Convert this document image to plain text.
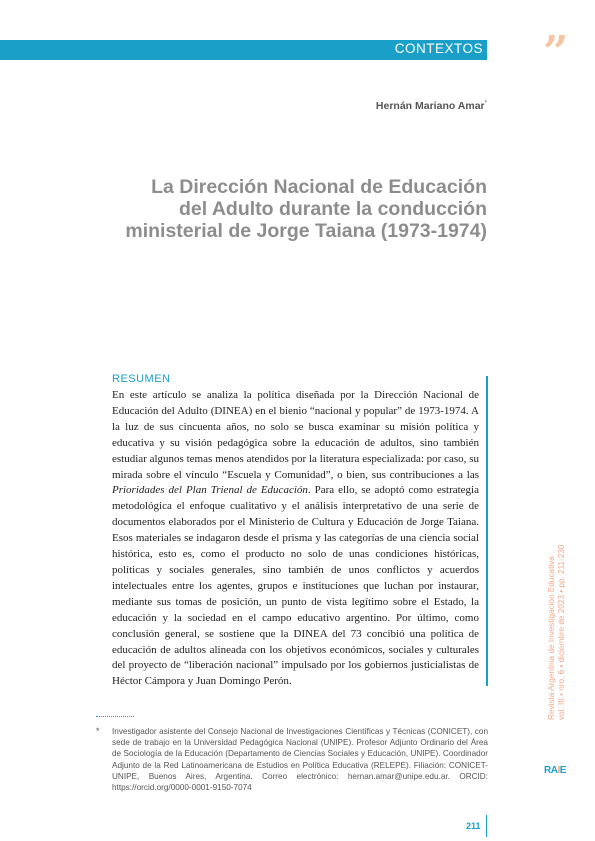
CONTEXTOS ”
Hernán Mariano Amar*
La Dirección Nacional de Educación
del Adulto durante la conducción
ministerial de Jorge Taiana (1973-1974)
RESUMEN

En este artículo se analiza la política diseñada por la Dirección Nacional de Educación del Adulto (DINEA) en el bienio “nacional y popular” de 1973-1974. A la luz de sus cincuenta años, no solo se busca examinar su misión política y educativa y su visión pedagógica sobre la educación de adultos, sino también estudiar algunos temas menos atendidos por la literatura especializada: por caso, su mirada sobre el vínculo “Escuela y Comunidad”, o bien, sus contribuciones a las Prioridades del Plan Trienal de Educación. Para ello, se adoptó como estrategia metodológica el enfoque cualitativo y el análisis interpretativo de una serie de documentos elaborados por el Ministerio de Cultura y Educación de Jorge Taiana. Esos materiales se indagaron desde el prisma y las categorías de una ciencia social histórica, esto es, como el producto no solo de unas condiciones históricas, políticas y sociales generales, sino también de unos conflictos y acuerdos intelectuales entre los agentes, grupos e instituciones que luchan por instaurar, mediante sus tomas de posición, un punto de vista legítimo sobre el Estado, la educación y la sociedad en el campo educativo argentino. Por último, como conclusión general, se sostiene que la DINEA del 73 concibió una política de educación de adultos alineada con los objetivos económicos, sociales y culturales del proyecto de “liberación nacional” impulsado por los gobiernos justicialistas de Héctor Cámpora y Juan Domingo Perón.

* Investigador asistente del Consejo Nacional de Investigaciones Científicas y Técnicas (CONICET), con sede de trabajo en la Universidad Pedagógica Nacional (UNIPE). Profesor Adjunto Ordinario del Área de Sociología de la Educación (Departamento de Ciencias Sociales y Educación, UNIPE). Coordinador Adjunto de la Red Latinoamericana de Estudios en Política Educativa (RELEPE). Filiación: CONICET-UNIPE, Buenos Aires, Argentina. Correo electrónico: hernan.amar@unipe.edu.ar. ORCID: https://orcid.org/0000-0001-9150-7074
Revista Argentina de Investigación Educativa vol. III • nro. 6 • diciembre de 2023 • pp. 211-230
RAIE
211
